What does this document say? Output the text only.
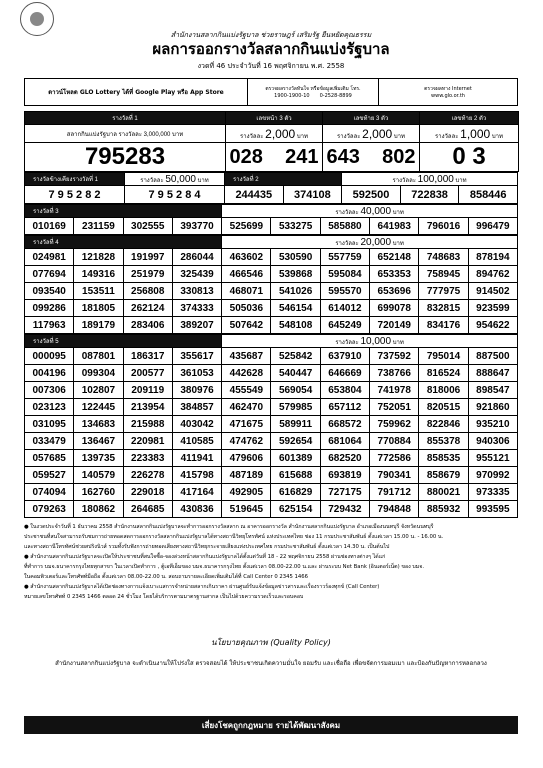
สำนักงานสลากกินแบ่งรัฐบาล ช่วยราษฎร์ เสริมรัฐ ยืนหยัดคุณธรรม
ผลการออกรางวัลสลากกินแบ่งรัฐบาล
งวดที่ 46 ประจำวันที่ 16 พฤศจิกายน พ.ศ. 2558
ดาวน์โหลด GLO Lottery ได้ที่ Google Play หรือ App Store	ตรวจผลรางวัลทันใจ หรือข้อมูลเพิ่มเติม โทร.
1900-1900-10 0-2528-8899
ตรวจผลทาง Internet
www.glo.or.th
รางวัลที่ 1	เลขหน้า 3 ตัว	เลขท้าย 3 ตัว	เลขท้าย 2 ตัว
สลากกินแบ่งรัฐบาล รางวัลละ 3,000,000 บาท	รางวัลละ 2,000 บาท	รางวัลละ 2,000 บาท	รางวัลละ 1,000 บาท
795283	028 241	643 802	0 3
รางวัลข้างเคียงรางวัลที่ 1	รางวัลละ 50,000 บาท	รางวัลที่ 2		รางวัลละ 100,000 บาท		
7 9 5 2 8 2	7 9 5 2 8 4	244435	374108	592500	722838	858446
รางวัลที่ 3				รางวัลละ 40,000 บาท					
010169	231159	302555	393770	525699	533275	585880	641983	796016	996479
รางวัลที่ 4				รางวัลละ 20,000 บาท					
024981	121828	191997	286044	463602	530590	557759	652148	748683	878194
077694	149316	251979	325439	466546	539868	595084	653353	758945	894762
093540	153511	256808	330813	468071	541026	595570	653696	777975	914502
099286	181805	262124	374333	505036	546154	614012	699078	832815	923599
117963	189179	283406	389207	507642	548108	645249	720149	834176	954622
รางวัลที่ 5				รางวัลละ 10,000 บาท					
000095	087801	186317	355617	435687	525842	637910	737592	795014	887500
004196	099304	200577	361053	442628	540447	646669	738766	816524	888647
007306	102807	209119	380976	455549	569054	653804	741978	818006	898547
023123	122445	213954	384857	462470	579985	657112	752051	820515	921860
031095	134683	215988	403042	471675	589911	668572	759962	822846	935210
033479	136467	220981	410585	474762	592654	681064	770884	855378	940306
057685	139735	223383	411941	479606	601389	682520	772586	858535	955121
059527	140579	226278	415798	487189	615688	693819	790341	858679	970992
074094	162760	229018	417164	492905	616829	727175	791712	880021	973335
079263	180862	264685	430836	519645	625154	729432	794848	885932	993595

● ในงวดประจำวันที่ 1 ธันวาคม 2558 สำนักงานสลากกินแบ่งรัฐบาลจะทำการออกรางวัลสลาก ณ อาคารออกรางวัล สำนักงานสลากกินแบ่งรัฐบาล อำเภอเมืองนนทบุรี จังหวัดนนทบุรี

ประชาชนที่สนใจสามารถรับชมการถ่ายทอดสดการออกรางวัลสลากกินแบ่งรัฐบาลได้ทางสถานีวิทยุโทรทัศน์ แห่งประเทศไทย ช่อง 11 กรมประชาสัมพันธ์ ตั้งแต่เวลา 15.00 น. - 16.00 น.

และทางสถานีโทรทัศน์ช่วยสปริงนิวส์ รวมทั้งรับฟังการถ่ายทอดเสียงทางสถานีวิทยุกระจายเสียงแห่งประเทศไทย กรมประชาสัมพันธ์ ตั้งแต่เวลา 14.30 น. เป็นต้นไป

● สำนักงานสลากกินแบ่งรัฐบาลจะเปิดให้ประชาชนที่สนใจซื้อ-จองล่วงหน้าสลากกินแบ่งรัฐบาลได้ตั้งแต่วันที่ 18 - 22 พฤศจิกายน 2558 ผ่านช่องทางต่างๆ ได้แก่

ที่ทำการ บมจ.ธนาคารกรุงไทยทุกสาขา ในเวลาเปิดทำการ , ตู้เอทีเอ็มของ บมจ.ธนาคารกรุงไทย ตั้งแต่เวลา 08.00-22.00 น.และ ผ่านระบบ Net Bank (อินเตอร์เน็ต) ของ บมจ.

ในคอมพิวเตอร์และโทรศัพท์มือถือ ตั้งแต่เวลา 08.00-22.00 น. สอบถามรายละเอียดเพิ่มเติมได้ที่ Call Center 0 2345 1466

● สำนักงานสลากกินแบ่งรัฐบาลได้เปิดช่องทางการแจ้งเบาะแสการจำหน่ายสลากเกินราคา ผ่านศูนย์รับแจ้งข้อมูลข่าวสารและเรื่องราวร้องทุกข์ (Call Center)

หมายเลขโทรศัพท์ 0 2345 1466 ตลอด 24 ชั่วโมง โดยได้บริการตามมาตรฐานสากล เป็นไปด้วยความรวดเร็วและรอบคอบ

นโยบายคุณภาพ (Quality Policy)
สำนักงานสลากกินแบ่งรัฐบาล จะดำเนินงานให้โปร่งใส ตรวจสอบได้ ให้ประชาชนเกิดความมั่นใจ ยอมรับ และเชื่อถือ เพื่อขจัดการมอมเมา และป้องกันปัญหาการหลอกลวง
เสี่ยงโชคถูกกฎหมาย รายได้พัฒนาสังคม
